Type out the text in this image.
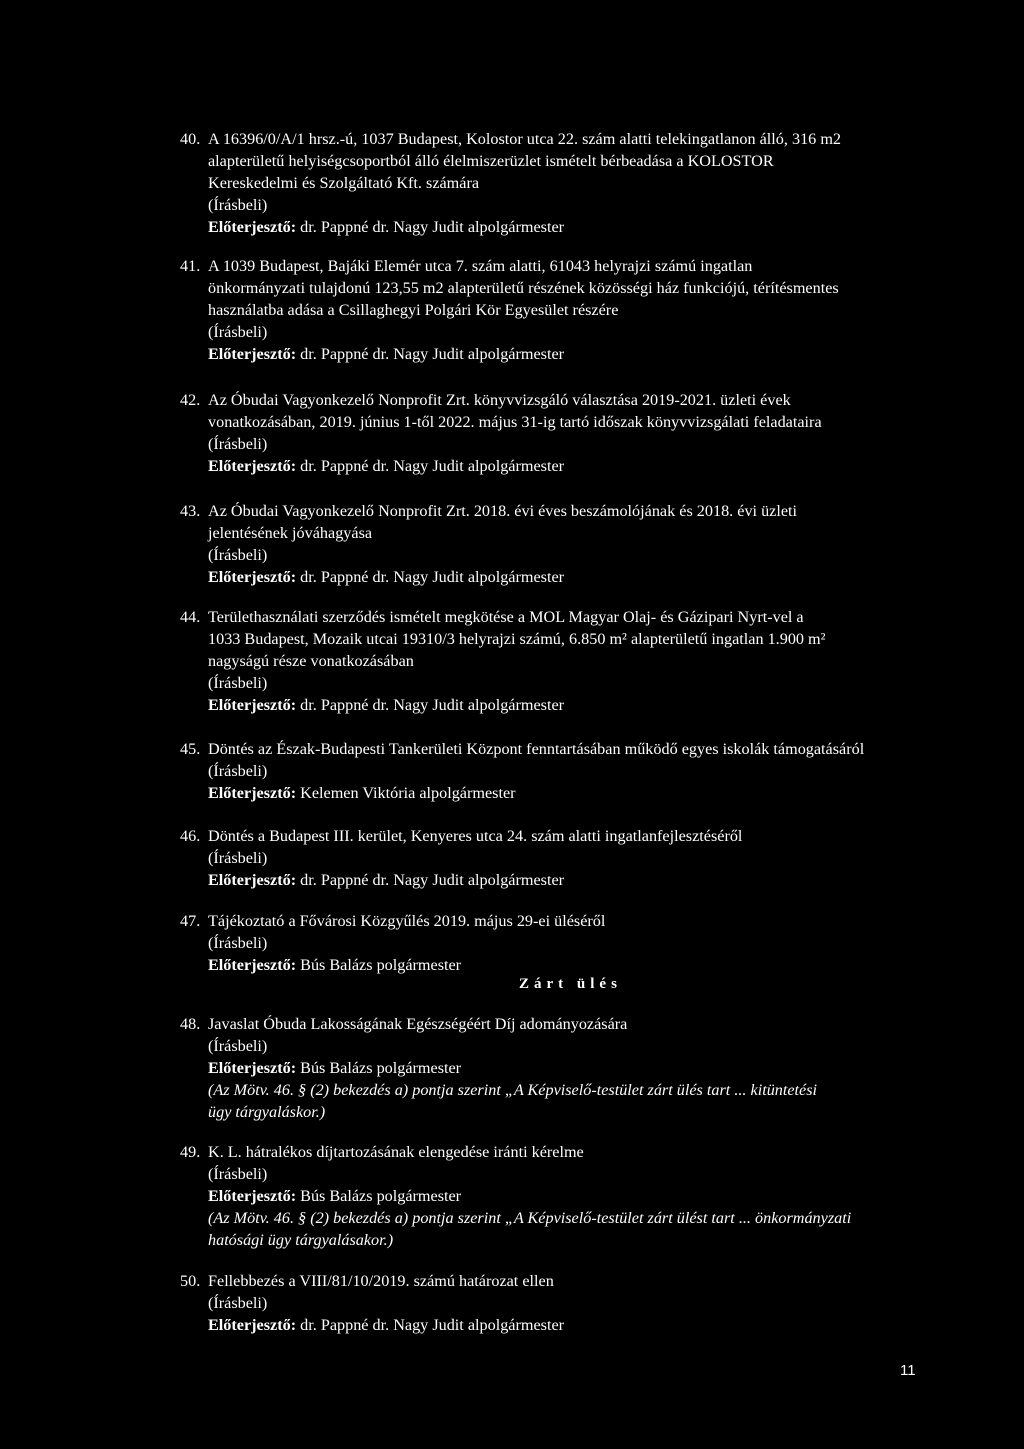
40. A 16396/0/A/1 hrsz.-ú, 1037 Budapest, Kolostor utca 22. szám alatti telekingatlanon álló, 316 m2
alapterületű helyiségcsoportból álló élelmiszerüzlet ismételt bérbeadása a KOLOSTOR
Kereskedelmi és Szolgáltató Kft. számára
(Írásbeli)
Előterjesztő: dr. Pappné dr. Nagy Judit alpolgármester
41. A 1039 Budapest, Bajáki Elemér utca 7. szám alatti, 61043 helyrajzi számú ingatlan
önkormányzati tulajdonú 123,55 m2 alapterületű részének közösségi ház funkciójú, térítésmentes
használatba adása a Csillaghegyi Polgári Kör Egyesület részére
(Írásbeli)
Előterjesztő: dr. Pappné dr. Nagy Judit alpolgármester
42. Az Óbudai Vagyonkezelő Nonprofit Zrt. könyvvizsgáló választása 2019-2021. üzleti évek
vonatkozásában, 2019. június 1-től 2022. május 31-ig tartó időszak könyvvizsgálati feladataira
(Írásbeli)
Előterjesztő: dr. Pappné dr. Nagy Judit alpolgármester
43. Az Óbudai Vagyonkezelő Nonprofit Zrt. 2018. évi éves beszámolójának és 2018. évi üzleti
jelentésének jóváhagyása
(Írásbeli)
Előterjesztő: dr. Pappné dr. Nagy Judit alpolgármester
44. Területhasználati szerződés ismételt megkötése a MOL Magyar Olaj- és Gázipari Nyrt-vel a
1033 Budapest, Mozaik utcai 19310/3 helyrajzi számú, 6.850 m² alapterületű ingatlan 1.900 m²
nagyságú része vonatkozásában
(Írásbeli)
Előterjesztő: dr. Pappné dr. Nagy Judit alpolgármester
45. Döntés az Észak-Budapesti Tankerületi Központ fenntartásában működő egyes iskolák támogatásáról
(Írásbeli)
Előterjesztő: Kelemen Viktória alpolgármester
46. Döntés a Budapest III. kerület, Kenyeres utca 24. szám alatti ingatlanfejlesztéséről
(Írásbeli)
Előterjesztő: dr. Pappné dr. Nagy Judit alpolgármester
47. Tájékoztató a Fővárosi Közgyűlés 2019. május 29-ei üléséről
(Írásbeli)
Előterjesztő: Bús Balázs polgármester
Zárt ülés
48. Javaslat Óbuda Lakosságának Egészségéért Díj adományozására
(Írásbeli)
Előterjesztő: Bús Balázs polgármester
(Az Mötv. 46. § (2) bekezdés a) pontja szerint „A Képviselő-testület zárt ülés tart ... kitüntetési
ügy tárgyaláskor.)
49. K. L. hátralékos díjtartozásának elengedése iránti kérelme
(Írásbeli)
Előterjesztő: Bús Balázs polgármester
(Az Mötv. 46. § (2) bekezdés a) pontja szerint „A Képviselő-testület zárt ülést tart ... önkormányzati
hatósági ügy tárgyalásakor.)
50. Fellebbezés a VIII/81/10/2019. számú határozat ellen
(Írásbeli)
Előterjesztő: dr. Pappné dr. Nagy Judit alpolgármester
11
